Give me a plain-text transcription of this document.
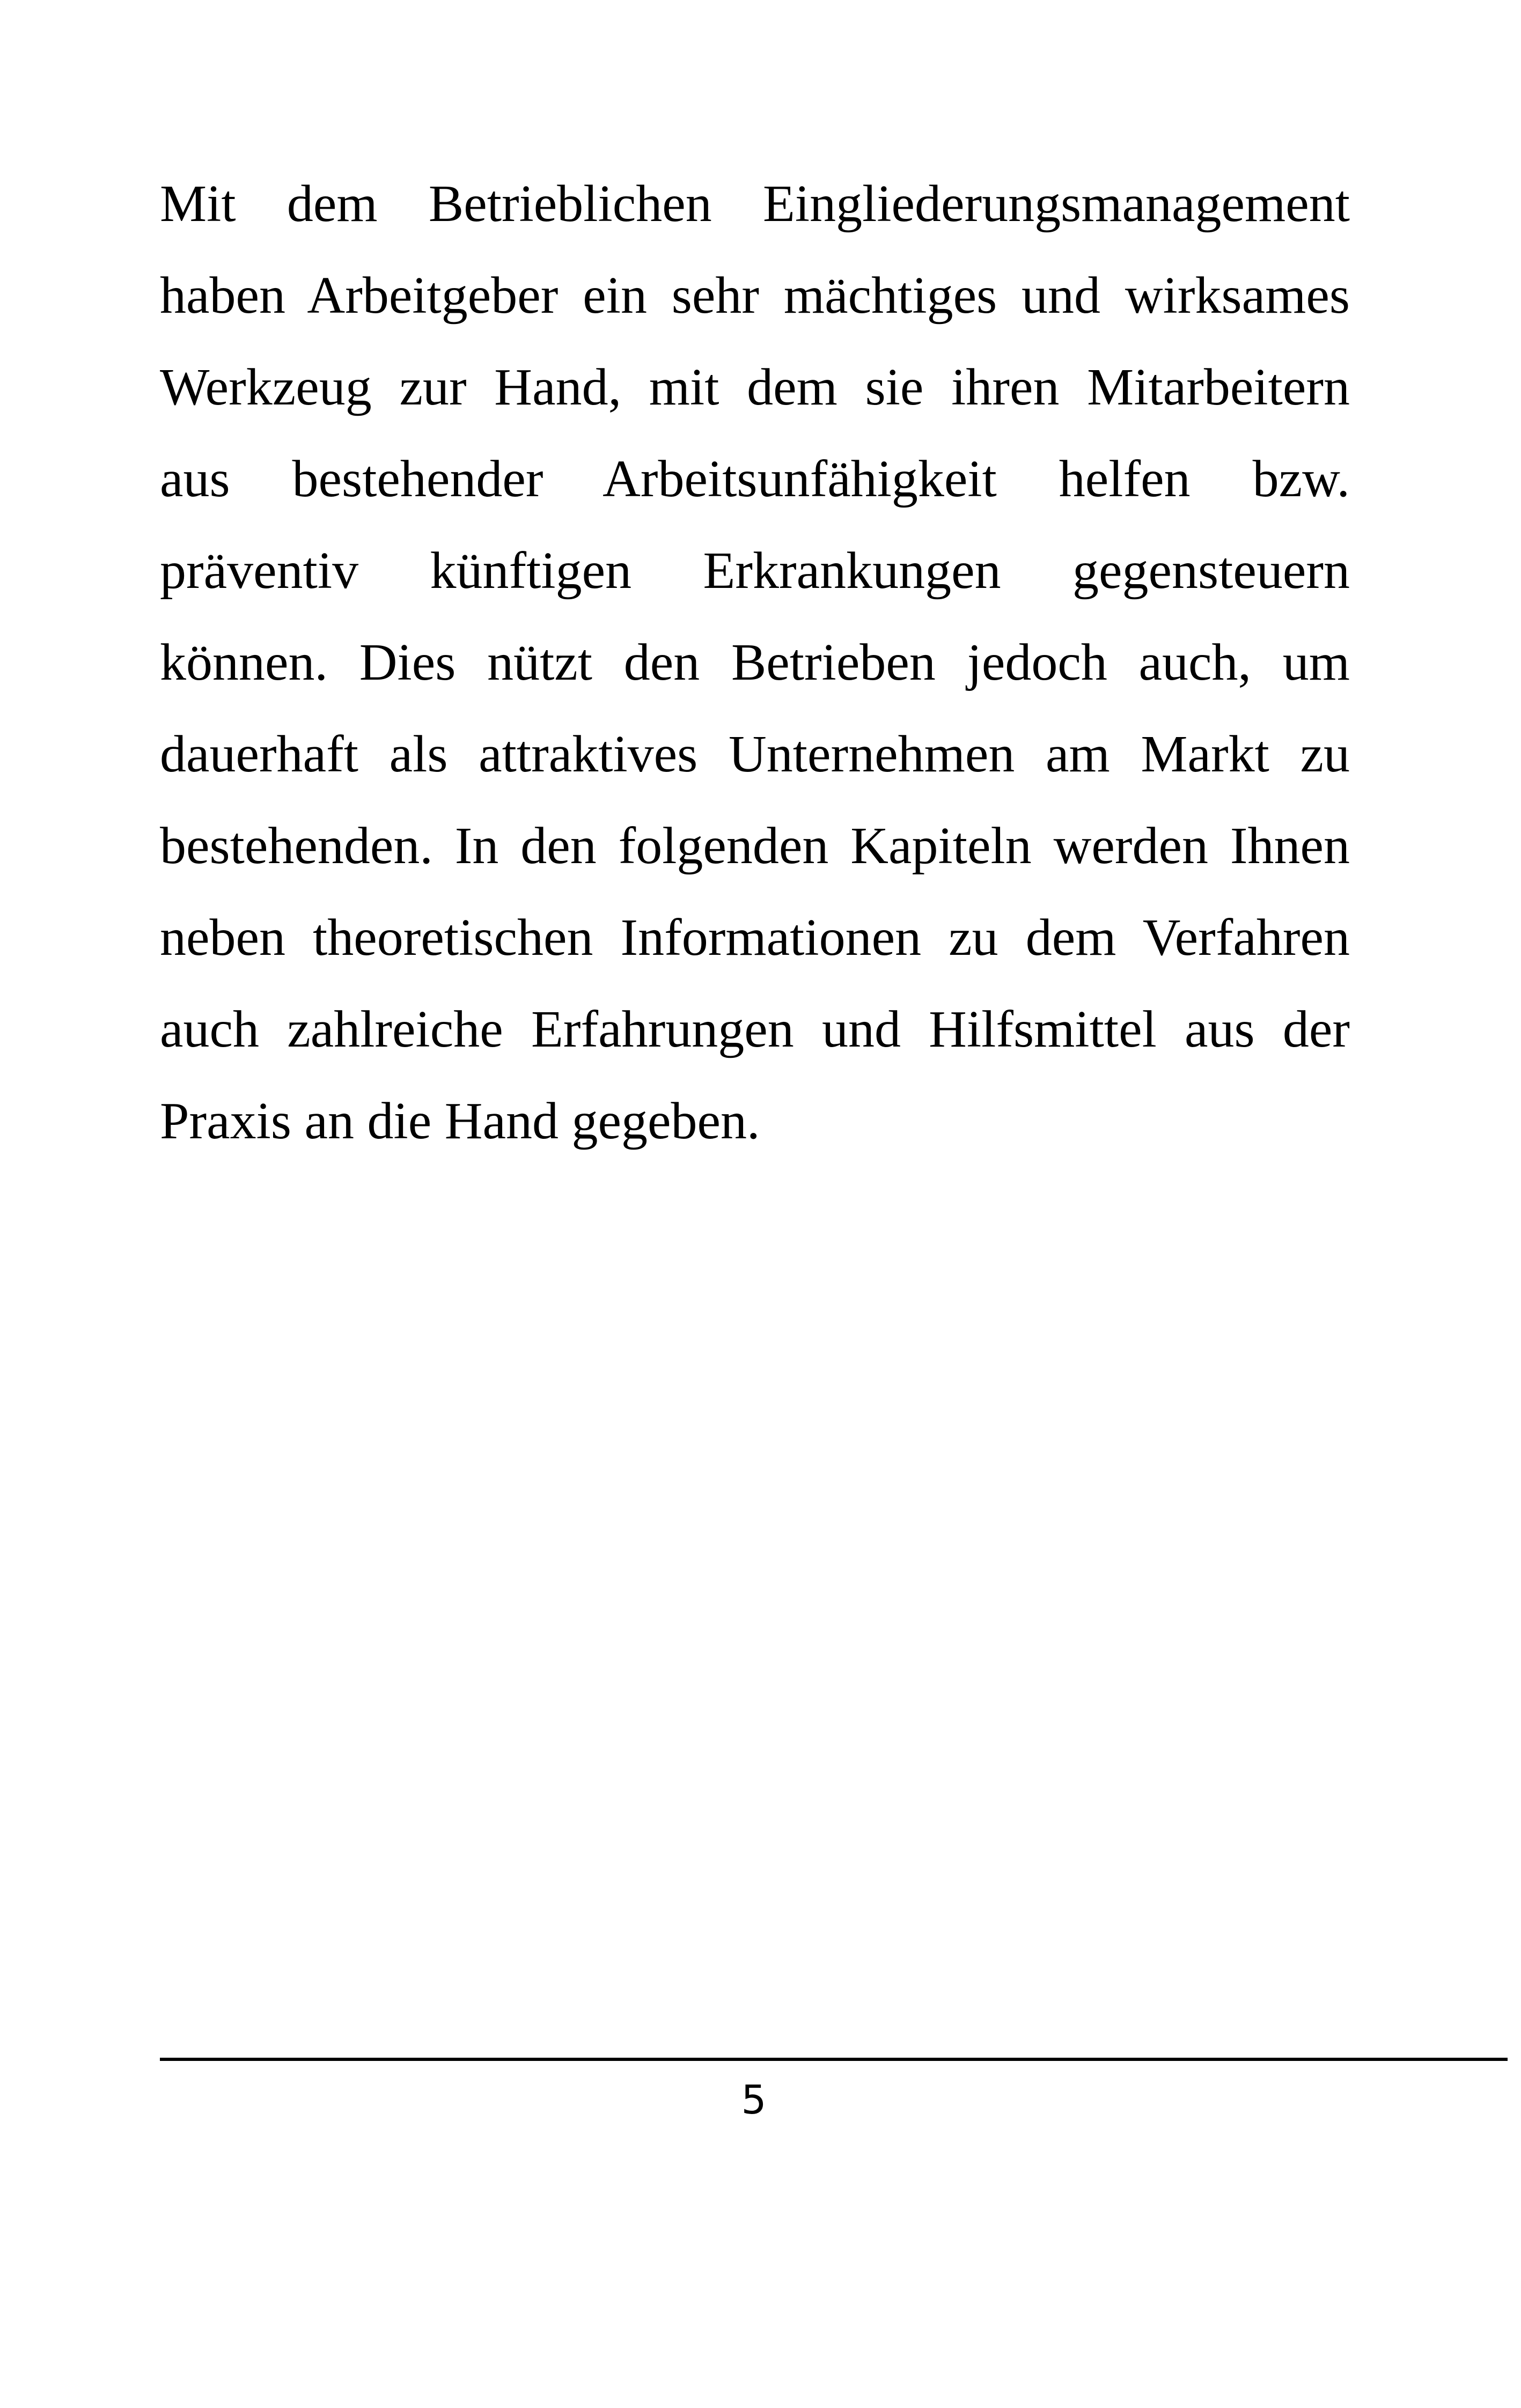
Mit dem Betrieblichen Eingliederungsmanagement
haben Arbeitgeber ein sehr mächtiges und wirksames
Werkzeug zur Hand, mit dem sie ihren Mitarbeitern
aus bestehender Arbeitsunfähigkeit helfen bzw.
präventiv künftigen Erkrankungen gegensteuern
können. Dies nützt den Betrieben jedoch auch, um
dauerhaft als attraktives Unternehmen am Markt zu
bestehenden. In den folgenden Kapiteln werden Ihnen
neben theoretischen Informationen zu dem Verfahren
auch zahlreiche Erfahrungen und Hilfsmittel aus der
Praxis an die Hand gegeben.
5
